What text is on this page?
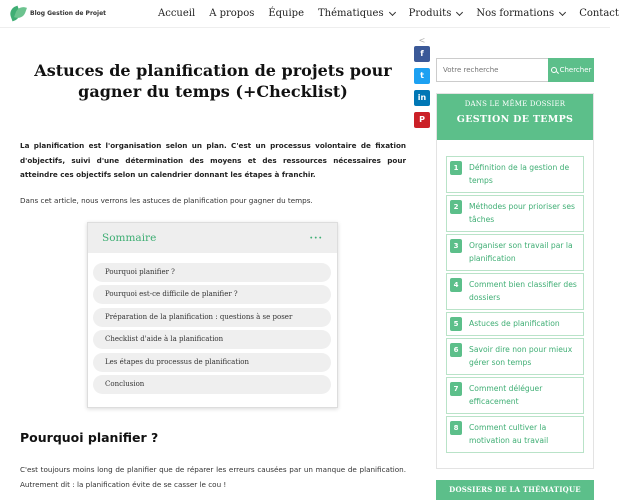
Blog Gestion de Projet	Accueil A propos Équipe Thématiques	Produits	Nos formations	Contact
Astuces de planification de projets pour gagner du temps (+Checklist)
<
f
t
in
P

La planification est l'organisation selon un plan. C'est un processus volontaire de fixation d'objectifs, suivi d'une détermination des moyens et des ressources nécessaires pour atteindre ces objectifs selon un calendrier donnant les étapes à franchir.

Dans cet article, nous verrons les astuces de planification pour gagner du temps.

Sommaire	···
Pourquoi planifier ?
Pourquoi est-ce difficile de planifier ?
Préparation de la planification : questions à se poser
Checklist d'aide à la planification
Les étapes du processus de planification
Conclusion
Pourquoi planifier ?

C'est toujours moins long de planifier que de réparer les erreurs causées par un manque de planification. Autrement dit : la planification évite de se casser le cou !

Votre recherche
Chercher
DANS LE MÊME DOSSIER
GESTION DE TEMPS
1	Définition de la gestion de temps
2	Méthodes pour prioriser ses tâches
3	Organiser son travail par la planification
4	Comment bien classifier des dossiers
5	Astuces de planification
6	Savoir dire non pour mieux gérer son temps
7	Comment déléguer efficacement
8	Comment cultiver la motivation au travail
DOSSIERS DE LA THÉMATIQUE
